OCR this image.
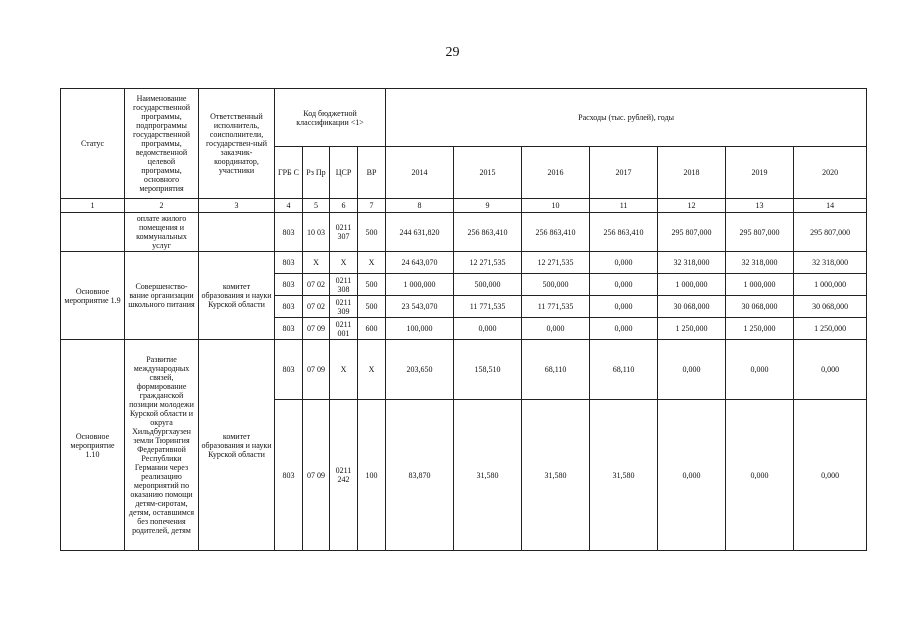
29
Статус	Наименование государственной программы, подпрограммы государственной программы, ведомственной целевой программы, основного мероприятия	Ответственный исполнитель, соисполнители, государствен-ный заказчик-координатор, участники	Код бюджетной классификации <1>				Расходы (тыс. рублей), годы						
			ГРБ С	Рз Пр	ЦСР	ВР	2014	2015	2016	2017	2018	2019	2020
1	2	3	4	5	6	7	8	9	10	11	12	13	14
	оплате жилого помещения и коммунальных услуг		803	10 03	0211 307	500	244 631,820	256 863,410	256 863,410	256 863,410	295 807,000	295 807,000	295 807,000
Основное мероприятие 1.9	Совершенство-вание организации школьного питания	комитет образования и науки Курской области	803	X	X	X	24 643,070	12 271,535	12 271,535	0,000	32 318,000	32 318,000	32 318,000
			803	07 02	0211 308	500	1 000,000	500,000	500,000	0,000	1 000,000	1 000,000	1 000,000
			803	07 02	0211 309	500	23 543,070	11 771,535	11 771,535	0,000	30 068,000	30 068,000	30 068,000
			803	07 09	0211 001	600	100,000	0,000	0,000	0,000	1 250,000	1 250,000	1 250,000
Основное мероприятие 1.10	Развитие международных связей, формирование гражданской позиции молодежи Курской области и округа Хильдбургхаузен земли Тюрингия Федеративной Республики Германии через реализацию мероприятий по оказанию помощи детям-сиротам, детям, оставшимся без попечения родителей, детям	комитет образования и науки Курской области	803	07 09	X	X	203,650	158,510	68,110	68,110	0,000	0,000	0,000
			803	07 09	0211 242	100	83,870	31,580	31,580	31,580	0,000	0,000	0,000
